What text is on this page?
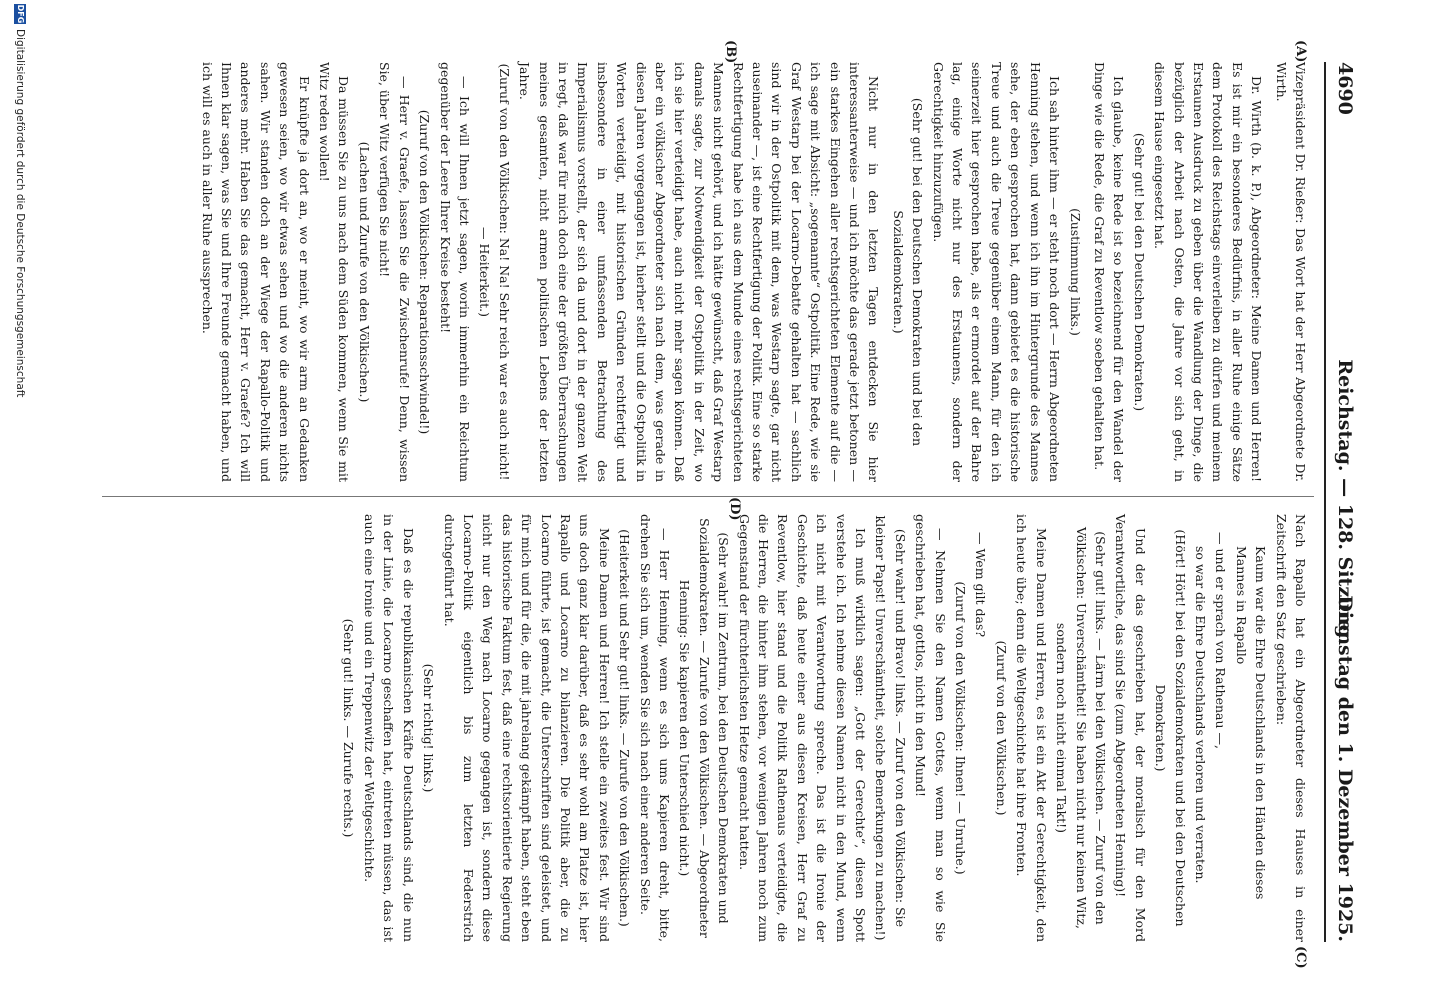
4690
Reichstag. — 128. Sitzung.
Dienstag den 1. Dezember 1925.
(A)
(B)
(C)
(D)

Vizepräsident Dr. Rießer: Das Wort hat der Herr Abgeordnete Dr. Wirth.

Dr. Wirth (b. k. P.), Abgeordneter: Meine Damen und Herren! Es ist mir ein besonderes Bedürfnis, in aller Ruhe einige Sätze dem Protokoll des Reichstags einverleiben zu dürfen und meinem Erstaunen Ausdruck zu geben über die Wandlung der Dinge, die bezüglich der Arbeit nach Osten, die Jahre vor sich geht, in diesem Hause eingesetzt hat.

(Sehr gut! bei den Deutschen Demokraten.)

Ich glaube, keine Rede ist so bezeichnend für den Wandel der Dinge wie die Rede, die Graf zu Reventlow soeben gehalten hat.

(Zustimmung links.)

Ich sah hinter ihm — er steht noch dort — Herrn Abgeordneten Henning stehen, und wenn ich ihn im Hintergrunde des Mannes sehe, der eben gesprochen hat, dann gebietet es die historische Treue und auch die Treue gegenüber einem Mann, für den ich seinerzeit hier gesprochen habe, als er ermordet auf der Bahre lag, einige Worte nicht nur des Erstaunens, sondern der Gerechtigkeit hinzuzufügen.

(Sehr gut! bei den Deutschen Demokraten und bei den Sozialdemokraten.)

Nicht nur in den letzten Tagen entdecken Sie hier interessanterweise — und ich möchte das gerade jetzt betonen — ein starkes Eingehen aller rechtsgerichteten Elemente auf die — ich sage mit Absicht: „sogenannte“ Ostpolitik. Eine Rede, wie sie Graf Westarp bei der Locarno-Debatte gehalten hat — sachlich sind wir in der Ostpolitik mit dem, was Westarp sagte, gar nicht auseinander —, ist eine Rechtfertigung der Politik. Eine so starke Rechtfertigung habe ich aus dem Munde eines rechtsgerichteten Mannes nicht gehört, und ich hätte gewünscht, daß Graf Westarp damals sagte, zur Notwendigkeit der Ostpolitik in der Zeit, wo ich sie hier verteidigt habe, auch nicht mehr sagen können. Daß aber ein völkischer Abgeordneter sich nach dem, was gerade in diesen Jahren vorgegangen ist, hierher stellt und die Ostpolitik in Worten verteidigt, mit historischen Gründen rechtfertigt und insbesondere in einer umfassenden Betrachtung des Imperialismus vorstellt, der sich da und dort in der ganzen Welt in regt, daß war für mich doch eine der größten Überraschungen meines gesamten, nicht armen politischen Lebens der letzten Jahre.

(Zuruf von den Völkischen: Na! Na! Sehr reich war es auch nicht! — Heiterkeit.)

— Ich will Ihnen jetzt sagen, worin immerhin ein Reichtum gegenüber der Leere Ihrer Kreise besteht!

(Zuruf von den Völkischen: Reparationsschwindel!)

— Herr v. Graefe, lassen Sie die Zwischenrufe! Denn, wissen Sie, über Witz verfügen Sie nicht!

(Lachen und Zurufe von den Völkischen.)

Da müssen Sie zu uns nach dem Süden kommen, wenn Sie mit Witz reden wollen!

Er knüpfte ja dort an, wo er meint, wo wir arm an Gedanken gewesen seien, wo wir etwas sehen und wo die anderen nichts sahen. Wir standen doch an der Wiege der Rapallo-Politik und anderes mehr. Haben Sie das gemacht, Herr v. Graefe? Ich will Ihnen klar sagen, was Sie und Ihre Freunde gemacht haben, und ich will es auch in aller Ruhe aussprechen.

Nach Rapallo hat ein Abgeordneter dieses Hauses in einer Zeitschrift den Satz geschrieben:

Kaum war die Ehre Deutschlands in den Händen dieses Mannes in Rapallo

— und er sprach von Rathenau —,

so war die Ehre Deutschlands verloren und verraten.

(Hört! Hört! bei den Sozialdemokraten und bei den Deutschen Demokraten.)

Und der das geschrieben hat, der moralisch für den Mord Verantwortliche, das sind Sie (zum Abgeordneten Henning)!

(Sehr gut! links. — Lärm bei den Völkischen. — Zuruf von den Völkischen: Unverschämtheit! Sie haben nicht nur keinen Witz, sondern noch nicht einmal Takt!)

Meine Damen und Herren, es ist ein Akt der Gerechtigkeit, den ich heute übe; denn die Weltgeschichte hat ihre Fronten.

(Zuruf von den Völkischen.)

— Wem gilt das?

(Zuruf von den Völkischen: Ihnen! — Unruhe.)

— Nehmen Sie den Namen Gottes, wenn man so wie Sie geschrieben hat, gottlos, nicht in den Mund!

(Sehr wahr! und Bravo! links. — Zuruf von den Völkischen: Sie kleiner Papst! Unverschämtheit, solche Bemerkungen zu machen!)

Ich muß wirklich sagen: „Gott der Gerechte“, diesen Spott verstehe ich. Ich nehme diesen Namen nicht in den Mund, wenn ich nicht mit Verantwortung spreche. Das ist die Ironie der Geschichte, daß heute einer aus diesen Kreisen, Herr Graf zu Reventlow, hier stand und die Politik Rathenaus verteidigte, die die Herren, die hinter ihm stehen, vor wenigen Jahren noch zum Gegenstand der fürchterlichsten Hetze gemacht hatten.

(Sehr wahr! im Zentrum, bei den Deutschen Demokraten und Sozialdemokraten. — Zurufe von den Völkischen. — Abgeordneter Henning: Sie kapieren den Unterschied nicht.)

— Herr Henning, wenn es sich ums Kapieren dreht, bitte, drehen Sie sich um, wenden Sie sich nach einer anderen Seite.

(Heiterkeit und Sehr gut! links. — Zurufe von den Völkischen.)

Meine Damen und Herren! Ich stelle ein zweites fest. Wir sind uns doch ganz klar darüber, daß es sehr wohl am Platze ist, hier Rapallo und Locarno zu bilanzieren. Die Politik aber, die zu Locarno führte, ist gemacht, die Unterschriften sind geleistet, und für mich und für die, die mit jahrelang gekämpft haben, steht eben das historische Faktum fest, daß eine rechtsorientierte Regierung nicht nur den Weg nach Locarno gegangen ist, sondern diese Locarno-Politik eigentlich bis zum letzten Federstrich durchgeführt hat.

(Sehr richtig! links.)

Daß es die republikanischen Kräfte Deutschlands sind, die nun in der Linie, die Locarno geschaffen hat, eintreten müssen, das ist auch eine Ironie und ein Treppenwitz der Weltgeschichte.

(Sehr gut! links. — Zurufe rechts.)

DFG
Digitalisierung gefördert durch die Deutsche Forschungsgemeinschaft
